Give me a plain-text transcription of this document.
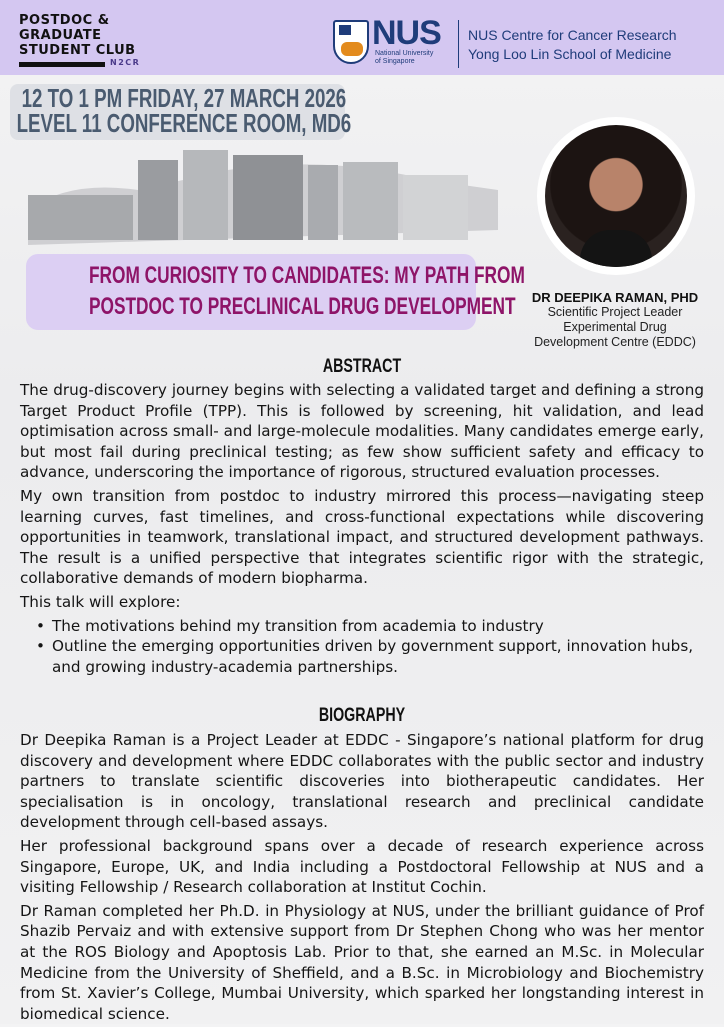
POSTDOC &
GRADUATE
STUDENT CLUB
N2CR
NUS
National University
of Singapore
NUS Centre for Cancer Research
Yong Loo Lin School of Medicine
12 TO 1 PM FRIDAY, 27 MARCH 2026
LEVEL 11 CONFERENCE ROOM, MD6
FROM CURIOSITY TO CANDIDATES: MY PATH FROM
POSTDOC TO PRECLINICAL DRUG DEVELOPMENT	DR DEEPIKA RAMAN, PHD
Scientific Project Leader
Experimental Drug
Development Centre (EDDC)
ABSTRACT

The drug-discovery journey begins with selecting a validated target and defining a strong Target Product Profile (TPP). This is followed by screening, hit validation, and lead optimisation across small- and large-molecule modalities. Many candidates emerge early, but most fail during preclinical testing; as few show sufficient safety and efficacy to advance, underscoring the importance of rigorous, structured evaluation processes.

My own transition from postdoc to industry mirrored this process—navigating steep learning curves, fast timelines, and cross-functional expectations while discovering opportunities in teamwork, translational impact, and structured development pathways. The result is a unified perspective that integrates scientific rigor with the strategic, collaborative demands of modern biopharma.

This talk will explore:

• The motivations behind my transition from academia to industry
• Outline the emerging opportunities driven by government support, innovation hubs, and growing industry-academia partnerships.
BIOGRAPHY

Dr Deepika Raman is a Project Leader at EDDC - Singapore’s national platform for drug discovery and development where EDDC collaborates with the public sector and industry partners to translate scientific discoveries into biotherapeutic candidates. Her specialisation is in oncology, translational research and preclinical candidate development through cell-based assays.

Her professional background spans over a decade of research experience across Singapore, Europe, UK, and India including a Postdoctoral Fellowship at NUS and a visiting Fellowship / Research collaboration at Institut Cochin.

Dr Raman completed her Ph.D. in Physiology at NUS, under the brilliant guidance of Prof Shazib Pervaiz and with extensive support from Dr Stephen Chong who was her mentor at the ROS Biology and Apoptosis Lab. Prior to that, she earned an M.Sc. in Molecular Medicine from the University of Sheffield, and a B.Sc. in Microbiology and Biochemistry from St. Xavier’s College, Mumbai University, which sparked her longstanding interest in biomedical science.
